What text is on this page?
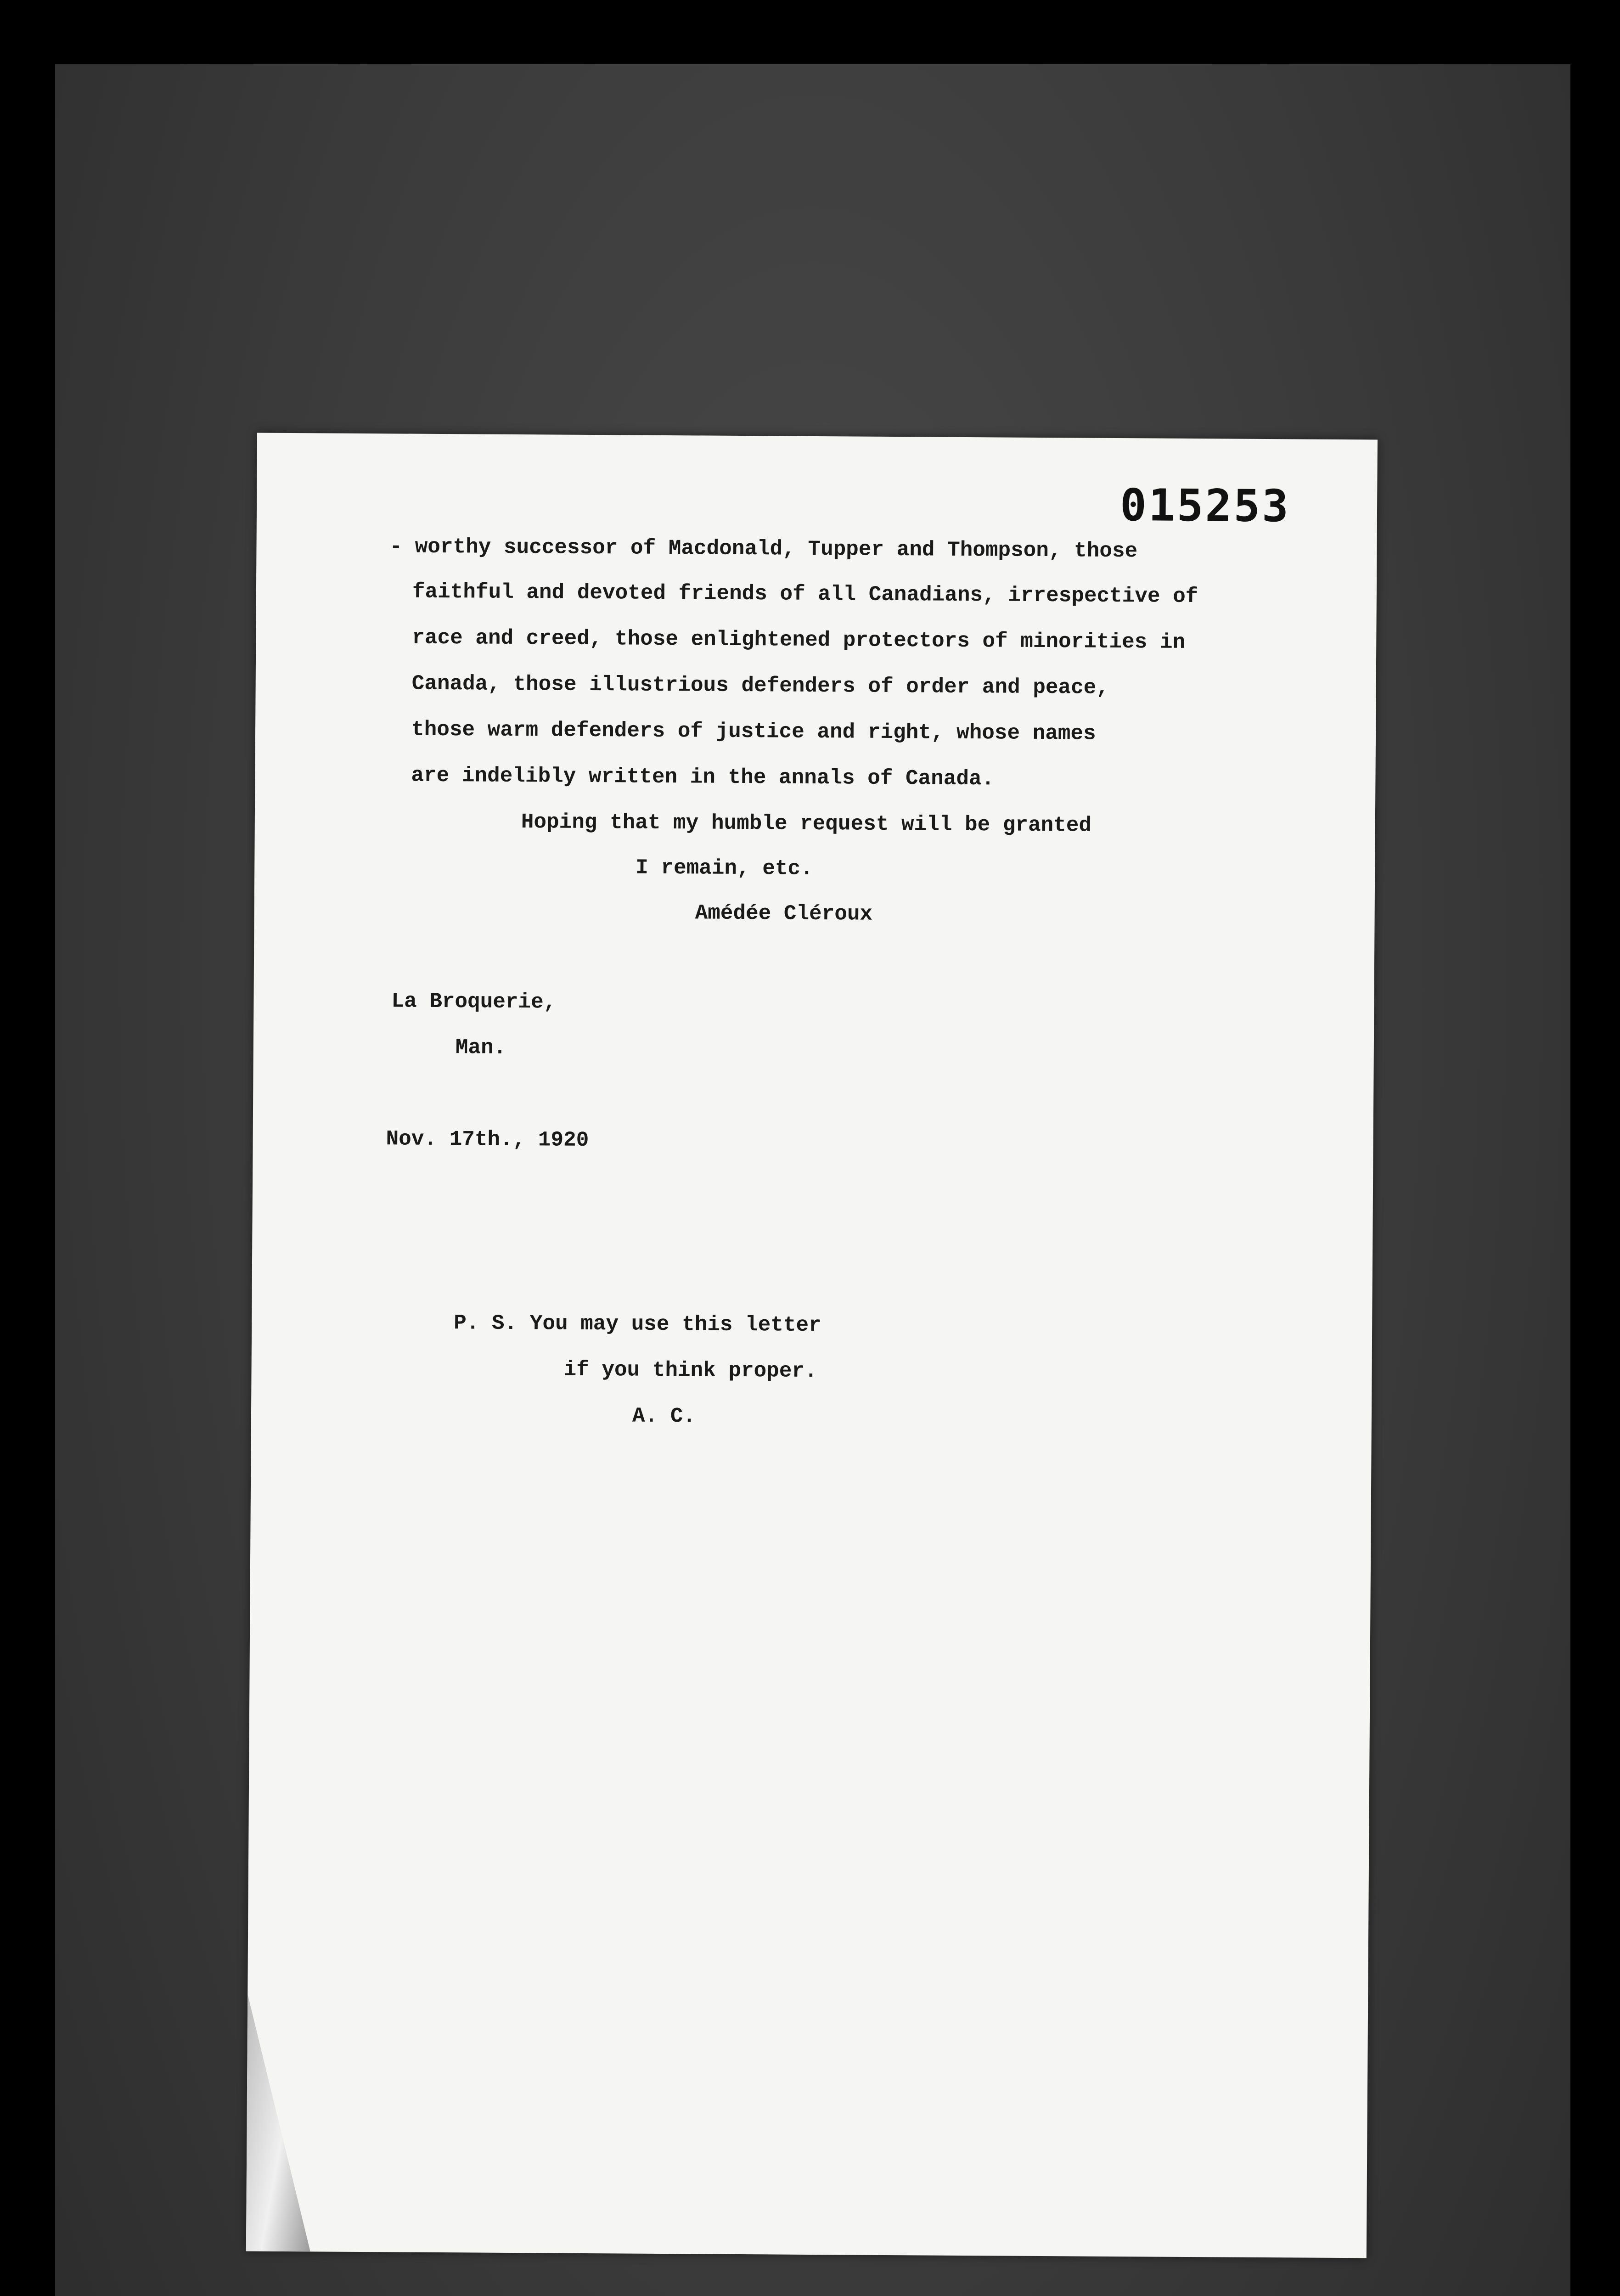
015253
- worthy successor of Macdonald, Tupper and Thompson, those
faithful and devoted friends of all Canadians, irrespective of
race and creed, those enlightened protectors of minorities in
Canada, those illustrious defenders of order and peace,
those warm defenders of justice and right, whose names
are indelibly written in the annals of Canada.
Hoping that my humble request will be granted
I remain, etc.
Amédée Cléroux
La Broquerie,
Man.
Nov. 17th., 1920
P. S. You may use this letter
if you think proper.
A. C.
